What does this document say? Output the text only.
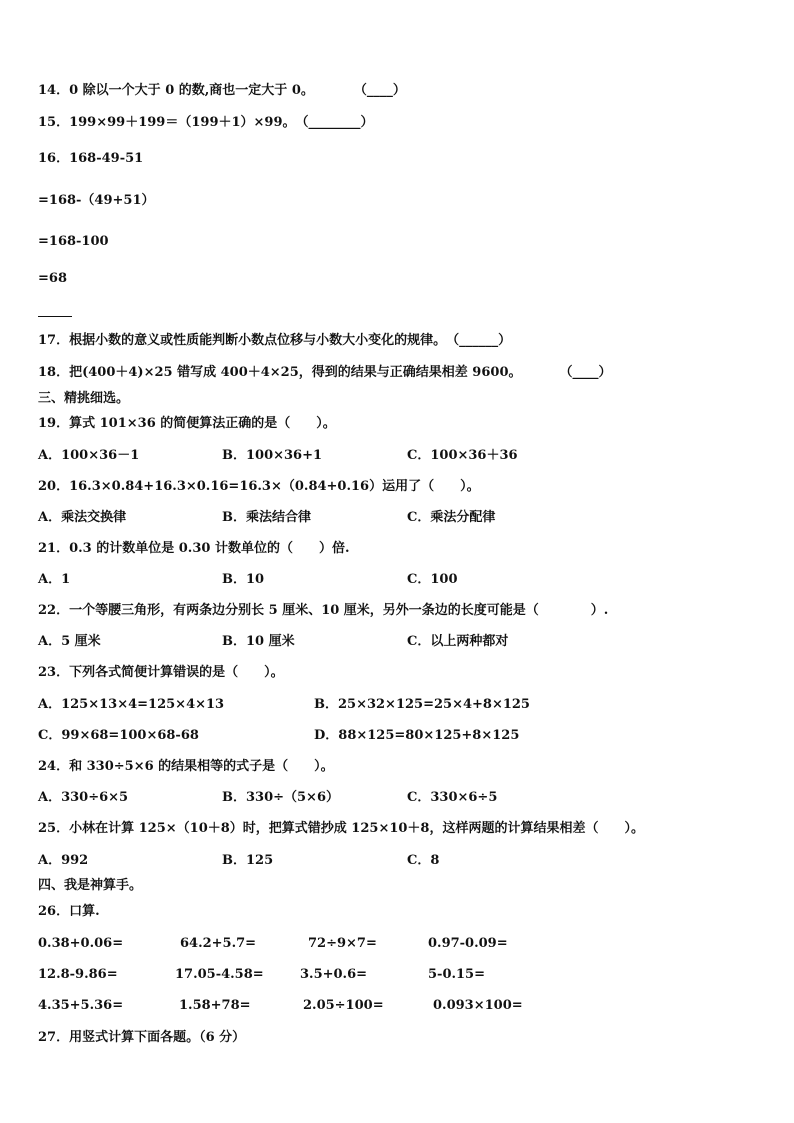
14．0 除以一个大于 0 的数,商也一定大于 0。	（____）
15．199×99＋199＝（199＋1）×99。（________）
16．168-49-51
=168-（49+51）
=168-100
=68
17．根据小数的意义或性质能判断小数点位移与小数大小变化的规律。（______）
18．把(400＋4)×25 错写成 400＋4×25，得到的结果与正确结果相差 9600。	（____）
三、精挑细选。
19．算式 101×36 的简便算法正确的是（　　）。
A．100×36－1	B．100×36+1	C．100×36＋36
20．16.3×0.84+16.3×0.16=16.3×（0.84+0.16）运用了（　　）。
A．乘法交换律	B．乘法结合律	C．乘法分配律
21．0.3 的计数单位是 0.30 计数单位的（　　）倍.
A．1	B．10	C．100
22．一个等腰三角形，有两条边分别长 5 厘米、10 厘米，另外一条边的长度可能是（　　　　）.
A．5 厘米	B．10 厘米	C．以上两种都对
23．下列各式简便计算错误的是（　　）。
A．125×13×4=125×4×13	B．25×32×125=25×4+8×125
C．99×68=100×68-68	D．88×125=80×125+8×125
24．和 330÷5×6 的结果相等的式子是（　　）。
A．330÷6×5	B．330÷（5×6）	C．330×6÷5
25．小林在计算 125×（10＋8）时，把算式错抄成 125×10＋8，这样两题的计算结果相差（　　）。
A．992	B．125	C．8
四、我是神算手。
26．口算.
0.38+0.06=	64.2+5.7=	72÷9×7=	0.97-0.09=
12.8-9.86=	17.05-4.58=	3.5+0.6=	5-0.15=
4.35+5.36=	1.58+78=	2.05÷100=	0.093×100=
27．用竖式计算下面各题。（6 分）
